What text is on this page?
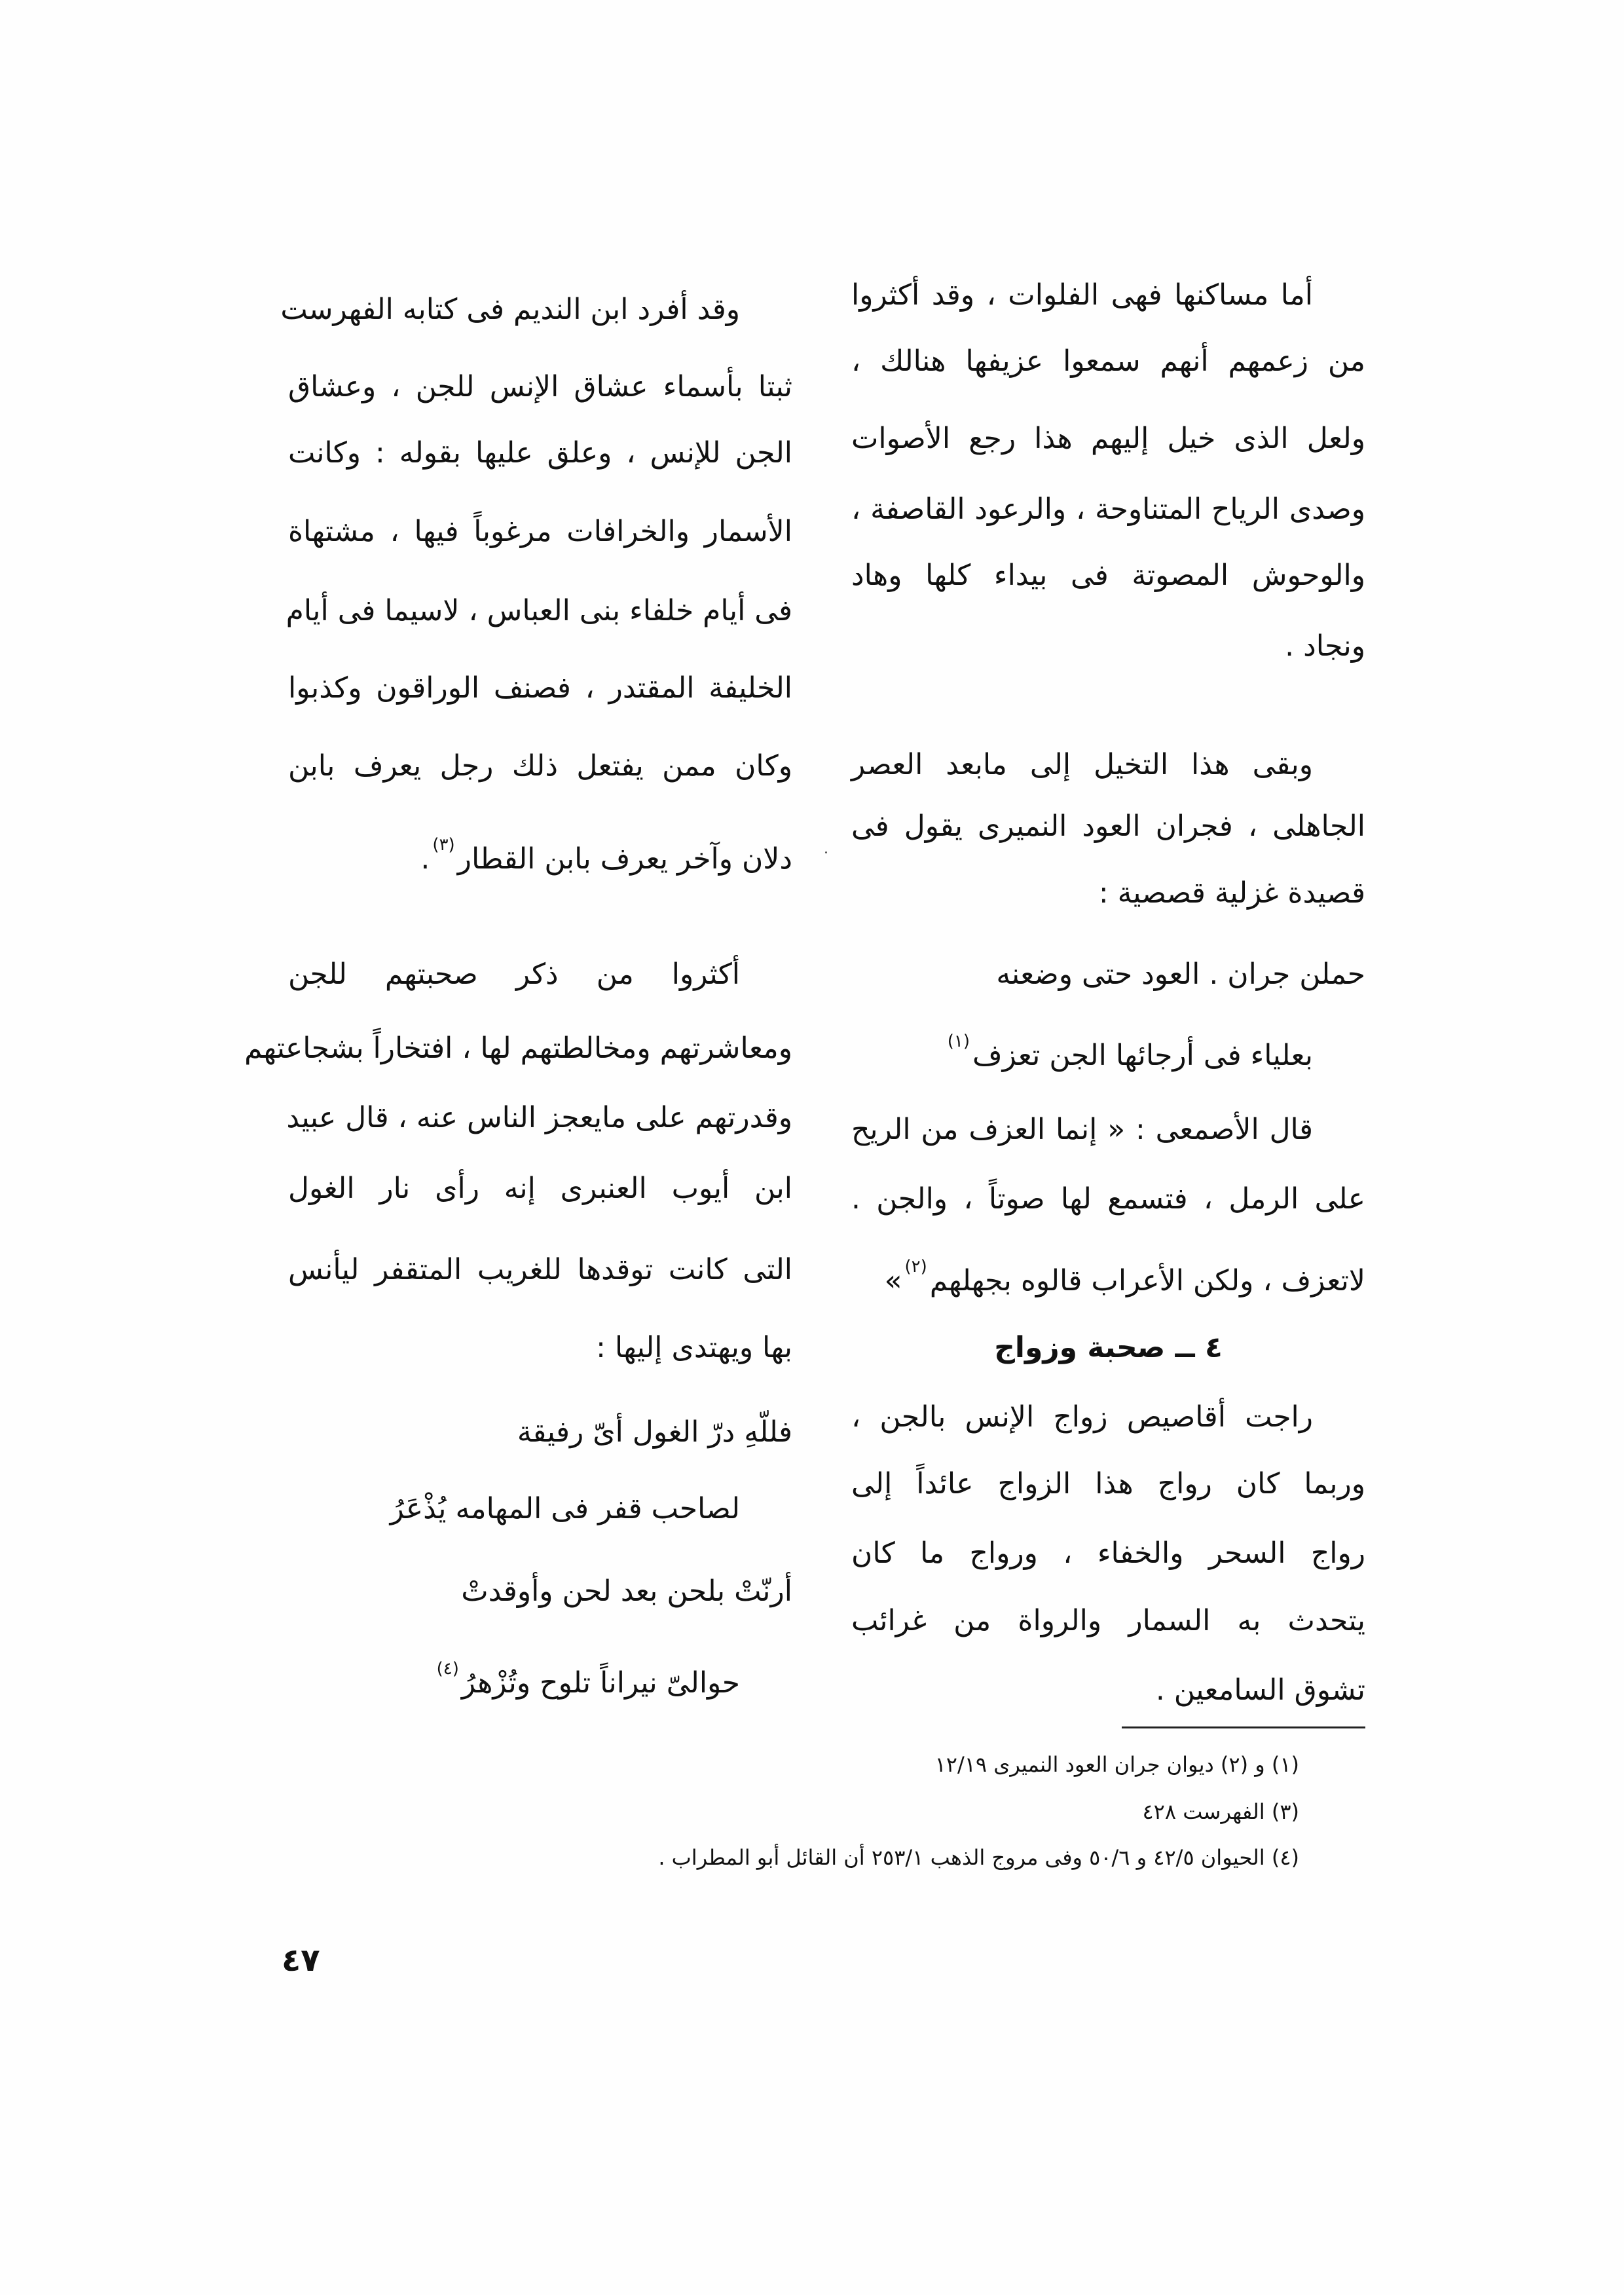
٤٧
أما مساكنها فهى الفلوات ، وقد أكثروا
من زعمهم أنهم سمعوا عزيفها هنالك ،
ولعل الذى خيل إليهم هذا رجع الأصوات
وصدى الرياح المتناوحة ، والرعود القاصفة ،
والوحوش المصوتة فى بيداء كلها وهاد
ونجاد .
وبقى هذا التخيل إلى مابعد العصر
الجاهلى ، فجران العود النميرى يقول فى
قصيدة غزلية قصصية :
حملن جران . العود حتى وضعنه
بعلياء فى أرجائها الجن تعزف$^{(١)}$
قال الأصمعى : « إنما العزف من الريح
على الرمل ، فتسمع لها صوتاً ، والجن .
لاتعزف ، ولكن الأعراب قالوه بجهلهم$^{(٢)}$»
٤ ــ صحبة وزواج
راجت أقاصيص زواج الإنس بالجن ،
وربما كان رواج هذا الزواج عائداً إلى
رواج السحر والخفاء ، ورواج ما كان
يتحدث به السمار والرواة من غرائب
تشوق السامعين .
وقد أفرد ابن النديم فى كتابه الفهرست
ثبتا بأسماء عشاق الإنس للجن ، وعشاق
الجن للإنس ، وعلق عليها بقوله : وكانت
الأسمار والخرافات مرغوباً فيها ، مشتهاة
فى أيام خلفاء بنى العباس ، لاسيما فى أيام
الخليفة المقتدر ، فصنف الوراقون وكذبوا
وكان ممن يفتعل ذلك رجل يعرف بابن
دلان وآخر يعرف بابن القطار$^{(٣)}$.
أكثروا من ذكر صحبتهم للجن
ومعاشرتهم ومخالطتهم لها ، افتخاراً بشجاعتهم
وقدرتهم على مايعجز الناس عنه ، قال عبيد
ابن أيوب العنبرى إنه رأى نار الغول
التى كانت توقدها للغريب المتقفر ليأنس
بها ويهتدى إليها :
فللّهِ درّ الغول أىّ رفيقة
لصاحب قفر فى المهامه يُذْعَرُ
أرنّتْ بلحن بعد لحن وأوقدتْ
حوالىّ نيراناً تلوح وتُزْهرُ$^{(٤)}$
(١) و (٢) ديوان جران العود النميرى ١٢/١٩
(٣) الفهرست ٤٢٨
(٤) الحيوان ٤٢/٥ و ٥٠/٦ وفى مروج الذهب ٢٥٣/١ أن القائل أبو المطراب .
